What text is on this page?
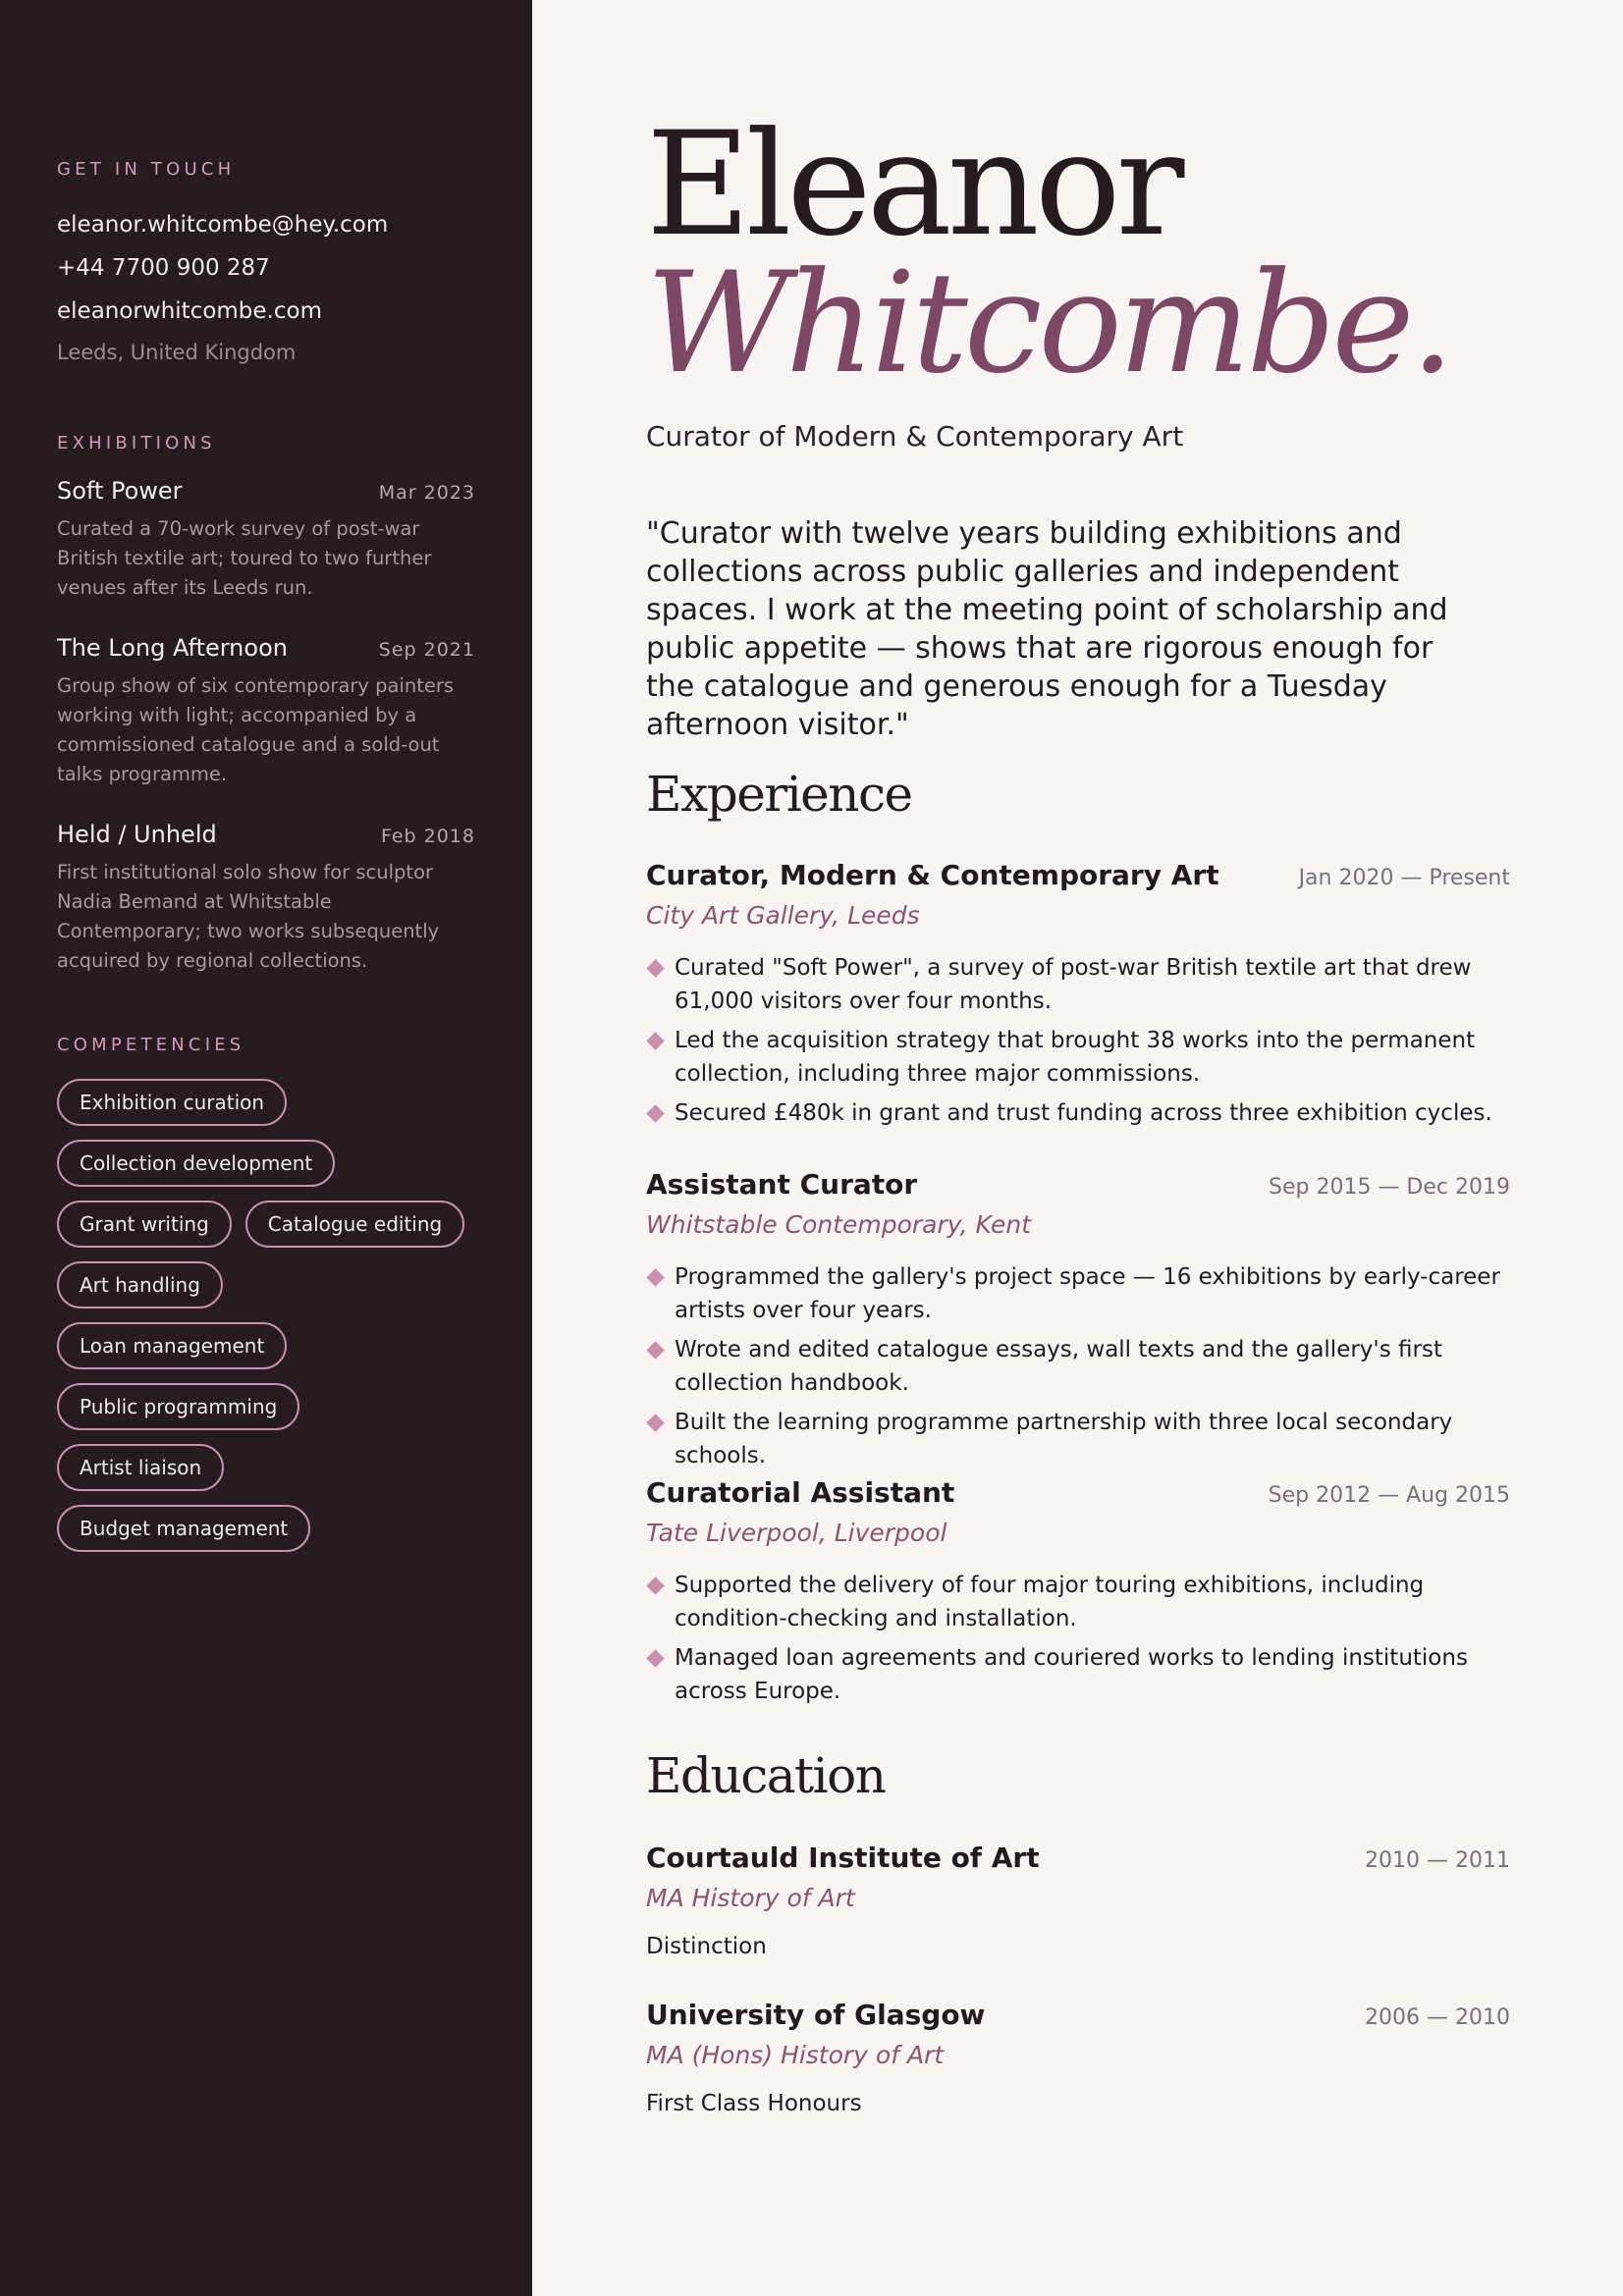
GET IN TOUCH
eleanor.whitcombe@hey.com
+44 7700 900 287
eleanorwhitcombe.com
Leeds, United Kingdom
EXHIBITIONS
Soft Power	Mar 2023
Curated a 70-work survey of post-war British textile art; toured to two further venues after its Leeds run.
The Long Afternoon	Sep 2021
Group show of six contemporary painters working with light; accompanied by a commissioned catalogue and a sold-out talks programme.
Held / Unheld	Feb 2018
First institutional solo show for sculptor Nadia Bemand at Whitstable Contemporary; two works subsequently acquired by regional collections.
COMPETENCIES
Exhibition curation
Collection development
Grant writing	Catalogue editing
Art handling
Loan management
Public programming
Artist liaison
Budget management
Eleanor
Whitcombe.
Curator of Modern & Contemporary Art
"Curator with twelve years building exhibitions and collections across public galleries and independent spaces. I work at the meeting point of scholarship and public appetite — shows that are rigorous enough for the catalogue and generous enough for a Tuesday afternoon visitor."
Experience
Curator, Modern & Contemporary Art	Jan 2020 — Present
City Art Gallery, Leeds
Curated "Soft Power", a survey of post-war British textile art that drew 61,000 visitors over four months.
Led the acquisition strategy that brought 38 works into the permanent collection, including three major commissions.
Secured £480k in grant and trust funding across three exhibition cycles.
Assistant Curator	Sep 2015 — Dec 2019
Whitstable Contemporary, Kent
Programmed the gallery's project space — 16 exhibitions by early-career artists over four years.
Wrote and edited catalogue essays, wall texts and the gallery's first collection handbook.
Built the learning programme partnership with three local secondary schools.
Curatorial Assistant	Sep 2012 — Aug 2015
Tate Liverpool, Liverpool
Supported the delivery of four major touring exhibitions, including condition-checking and installation.
Managed loan agreements and couriered works to lending institutions across Europe.
Education
Courtauld Institute of Art	2010 — 2011
MA History of Art
Distinction
University of Glasgow	2006 — 2010
MA (Hons) History of Art
First Class Honours
